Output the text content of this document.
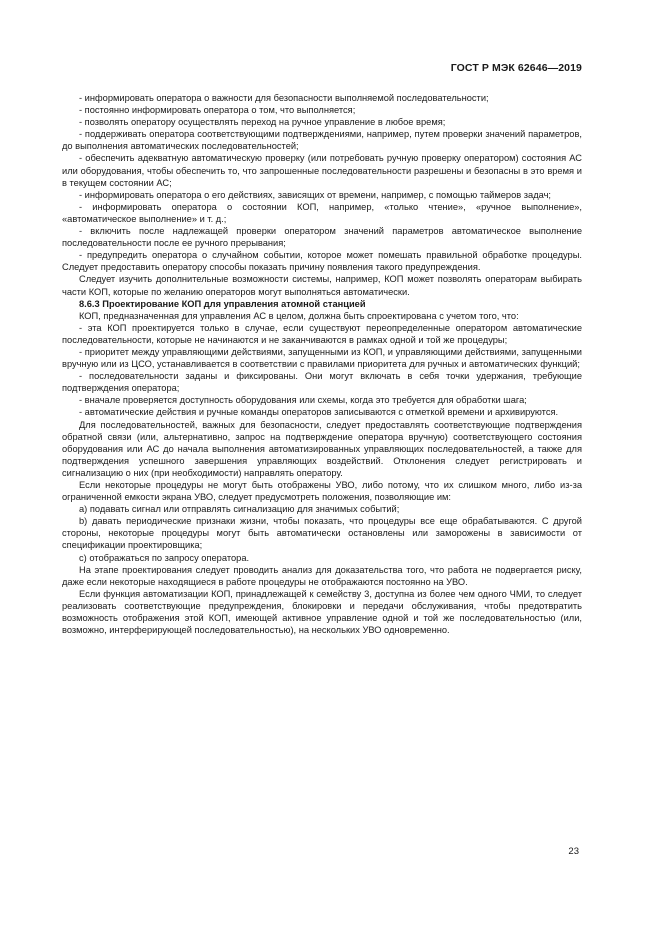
ГОСТ Р МЭК 62646—2019

- информировать оператора о важности для безопасности выполняемой последовательности;

- постоянно информировать оператора о том, что выполняется;

- позволять оператору осуществлять переход на ручное управление в любое время;

- поддерживать оператора соответствующими подтверждениями, например, путем проверки значений параметров, до выполнения автоматических последовательностей;

- обеспечить адекватную автоматическую проверку (или потребовать ручную проверку оператором) состояния АС или оборудования, чтобы обеспечить то, что запрошенные последовательности разрешены и безопасны в это время и в текущем состоянии АС;

- информировать оператора о его действиях, зависящих от времени, например, с помощью таймеров задач;

- информировать оператора о состоянии КОП, например, «только чтение», «ручное выполнение», «автоматическое выполнение» и т. д.;

- включить после надлежащей проверки оператором значений параметров автоматическое выполнение последовательности после ее ручного прерывания;

- предупредить оператора о случайном событии, которое может помешать правильной обработке процедуры. Следует предоставить оператору способы показать причину появления такого предупреждения.

Следует изучить дополнительные возможности системы, например, КОП может позволять операторам выбирать части КОП, которые по желанию операторов могут выполняться автоматически.

8.6.3 Проектирование КОП для управления атомной станцией

КОП, предназначенная для управления АС в целом, должна быть спроектирована с учетом того, что:

- эта КОП проектируется только в случае, если существуют переопределенные оператором автоматические последовательности, которые не начинаются и не заканчиваются в рамках одной и той же процедуры;

- приоритет между управляющими действиями, запущенными из КОП, и управляющими действиями, запущенными вручную или из ЦСО, устанавливается в соответствии с правилами приоритета для ручных и автоматических функций;

- последовательности заданы и фиксированы. Они могут включать в себя точки удержания, требующие подтверждения оператора;

- вначале проверяется доступность оборудования или схемы, когда это требуется для обработки шага;

- автоматические действия и ручные команды операторов записываются с отметкой времени и архивируются.

Для последовательностей, важных для безопасности, следует предоставлять соответствующие подтверждения обратной связи (или, альтернативно, запрос на подтверждение оператора вручную) соответствующего состояния оборудования или АС до начала выполнения автоматизированных управляющих последовательностей, а также для подтверждения успешного завершения управляющих воздействий. Отклонения следует регистрировать и сигнализацию о них (при необходимости) направлять оператору.

Если некоторые процедуры не могут быть отображены УВО, либо потому, что их слишком много, либо из-за ограниченной емкости экрана УВО, следует предусмотреть положения, позволяющие им:

а) подавать сигнал или отправлять сигнализацию для значимых событий;

b) давать периодические признаки жизни, чтобы показать, что процедуры все еще обрабатываются. С другой стороны, некоторые процедуры могут быть автоматически остановлены или заморожены в зависимости от спецификации проектировщика;

c) отображаться по запросу оператора.

На этапе проектирования следует проводить анализ для доказательства того, что работа не подвергается риску, даже если некоторые находящиеся в работе процедуры не отображаются постоянно на УВО.

Если функция автоматизации КОП, принадлежащей к семейству 3, доступна из более чем одного ЧМИ, то следует реализовать соответствующие предупреждения, блокировки и передачи обслуживания, чтобы предотвратить возможность отображения этой КОП, имеющей активное управление одной и той же последовательностью (или, возможно, интерферирующей последовательностью), на нескольких УВО одновременно.

23
